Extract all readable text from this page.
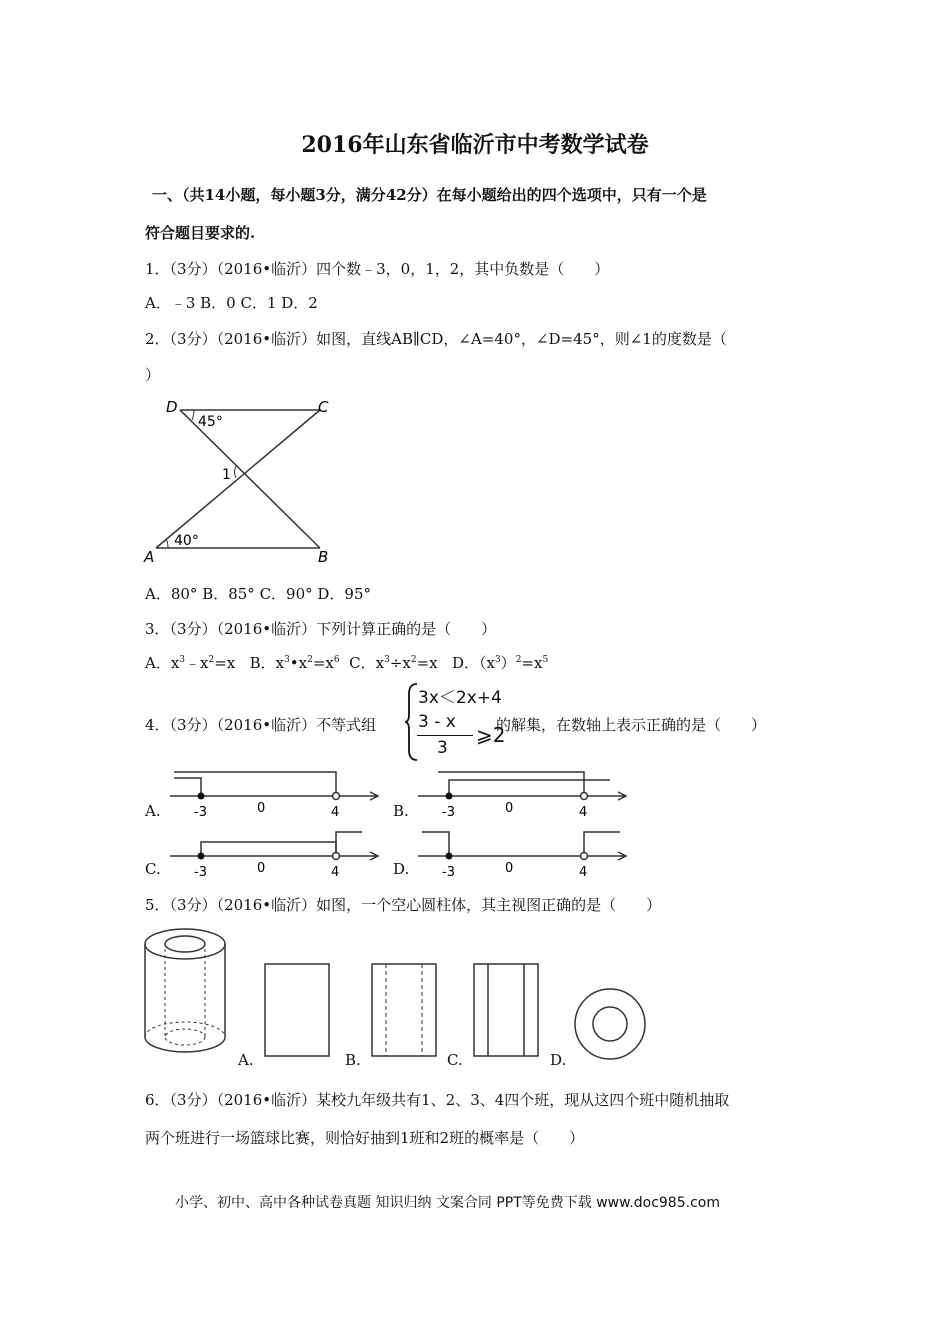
2016年山东省临沂市中考数学试卷
一、（共14小题，每小题3分，满分42分）在每小题给出的四个选项中，只有一个是
符合题目要求的.
1．（3分）（2016•临沂）四个数﹣3，0，1，2，其中负数是（　　）
A．﹣3 B．0 C．1 D．2
2．（3分）（2016•临沂）如图，直线AB∥CD，∠A=40°，∠D=45°，则∠1的度数是（
）
D	C
A	B
45°
40°
1
A．80° B．85° C．90° D．95°
3．（3分）（2016•临沂）下列计算正确的是（　　）
A．$x^3﹣x^2=x$ B．$x^3•x^2=x^6$ C．$x^3\div x^2=x$ D．$(x^3)^2=x^5$
4．（3分）（2016•临沂）不等式组
3x＜2x+4
3 - x
3
⩾2
的解集，在数轴上表示正确的是（　　）
A.	-3	0	4	B.	-3	0	4
C.	-3	0	4	D.	-3	0	4
5．（3分）（2016•临沂）如图，一个空心圆柱体，其主视图正确的是（　　）
A.	B.	C.	D.
6．（3分）（2016•临沂）某校九年级共有1、2、3、4四个班，现从这四个班中随机抽取
两个班进行一场篮球比赛，则恰好抽到1班和2班的概率是（　　）
小学、初中、高中各种试卷真题 知识归纳 文案合同 PPT等免费下载 www.doc985.com
